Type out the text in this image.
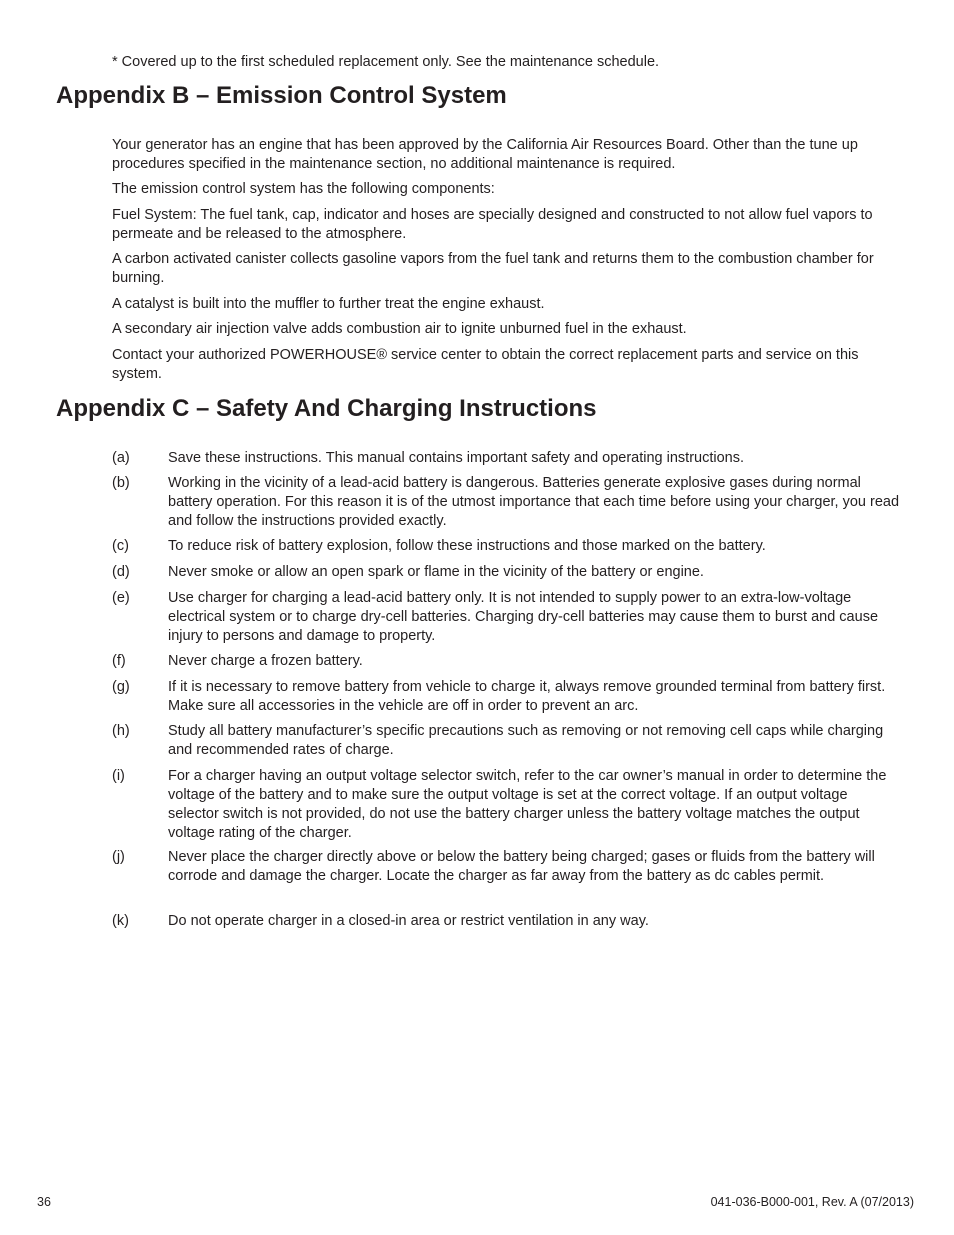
* Covered up to the first scheduled replacement only. See the maintenance schedule.
Appendix B – Emission Control System

Your generator has an engine that has been approved by the California Air Resources Board. Other than the tune up procedures specified in the maintenance section, no additional maintenance is required.

The emission control system has the following components:

Fuel System: The fuel tank, cap, indicator and hoses are specially designed and constructed to not allow fuel vapors to permeate and be released to the atmosphere.

A carbon activated canister collects gasoline vapors from the fuel tank and returns them to the combustion chamber for burning.

A catalyst is built into the muffler to further treat the engine exhaust.

A secondary air injection valve adds combustion air to ignite unburned fuel in the exhaust.

Contact your authorized POWERHOUSE® service center to obtain the correct replacement parts and service on this system.

Appendix C – Safety And Charging Instructions
(a)	Save these instructions. This manual contains important safety and operating instructions.
(b)	Working in the vicinity of a lead-acid battery is dangerous. Batteries generate explosive gases during normal battery operation. For this reason it is of the utmost importance that each time before using your charger, you read and follow the instructions provided exactly.
(c)	To reduce risk of battery explosion, follow these instructions and those marked on the battery.
(d)	Never smoke or allow an open spark or flame in the vicinity of the battery or engine.
(e)	Use charger for charging a lead-acid battery only. It is not intended to supply power to an extra-low-voltage electrical system or to charge dry-cell batteries. Charging dry-cell batteries may cause them to burst and cause injury to persons and damage to property.
(f)	Never charge a frozen battery.
(g)	If it is necessary to remove battery from vehicle to charge it, always remove grounded terminal from battery first. Make sure all accessories in the vehicle are off in order to prevent an arc.
(h)	Study all battery manufacturer’s specific precautions such as removing or not removing cell caps while charging and recommended rates of charge.
(i)	For a charger having an output voltage selector switch, refer to the car owner’s manual in order to determine the voltage of the battery and to make sure the output voltage is set at the correct voltage. If an output voltage selector switch is not provided, do not use the battery charger unless the battery voltage matches the output voltage rating of the charger.
(j)	Never place the charger directly above or below the battery being charged; gases or fluids from the battery will corrode and damage the charger. Locate the charger as far away from the battery as dc cables permit.
(k)	Do not operate charger in a closed-in area or restrict ventilation in any way.
36	041-036-B000-001, Rev. A (07/2013)
